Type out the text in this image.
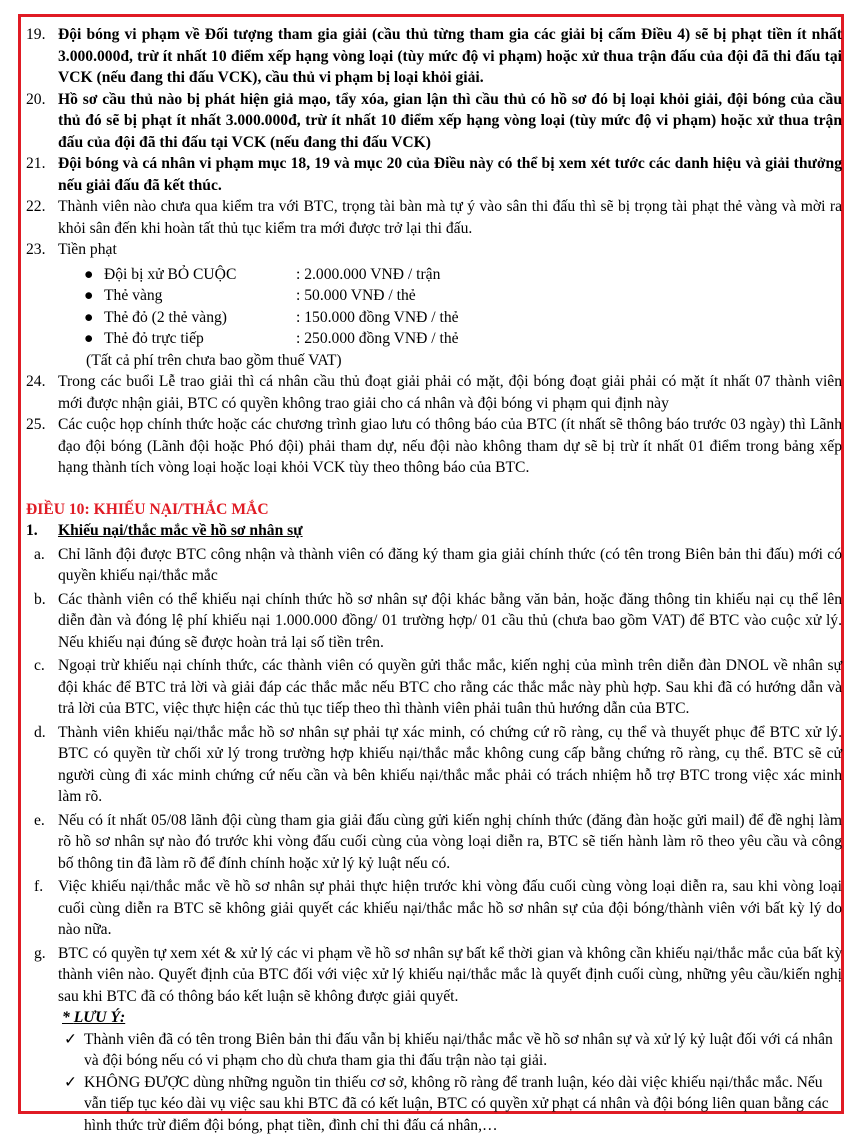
19. Đội bóng vi phạm về Đối tượng tham gia giải (cầu thủ từng tham gia các giải bị cấm Điều 4) sẽ bị phạt tiền ít nhất 3.000.000đ, trừ ít nhất 10 điểm xếp hạng vòng loại (tùy mức độ vi phạm) hoặc xử thua trận đấu của đội đã thi đấu tại VCK (nếu đang thi đấu VCK), cầu thủ vi phạm bị loại khỏi giải.
20. Hồ sơ cầu thủ nào bị phát hiện giả mạo, tẩy xóa, gian lận thì cầu thủ có hồ sơ đó bị loại khỏi giải, đội bóng của cầu thủ đó sẽ bị phạt ít nhất 3.000.000đ, trừ ít nhất 10 điểm xếp hạng vòng loại (tùy mức độ vi phạm) hoặc xử thua trận đấu của đội đã thi đấu tại VCK (nếu đang thi đấu VCK)
21. Đội bóng và cá nhân vi phạm mục 18, 19 và mục 20 của Điều này có thể bị xem xét tước các danh hiệu và giải thưởng nếu giải đấu đã kết thúc.
22. Thành viên nào chưa qua kiểm tra với BTC, trọng tài bàn mà tự ý vào sân thi đấu thì sẽ bị trọng tài phạt thẻ vàng và mời ra khỏi sân đến khi hoàn tất thủ tục kiểm tra mới được trở lại thi đấu.
23. Tiền phạt
● Đội bị xử BỎ CUỘC	: 2.000.000 VNĐ / trận
● Thẻ vàng	: 50.000 VNĐ / thẻ
● Thẻ đỏ (2 thẻ vàng)	: 150.000 đồng VNĐ / thẻ
● Thẻ đỏ trực tiếp	: 250.000 đồng VNĐ / thẻ
(Tất cả phí trên chưa bao gồm thuế VAT)
24. Trong các buổi Lễ trao giải thì cá nhân cầu thủ đoạt giải phải có mặt, đội bóng đoạt giải phải có mặt ít nhất 07 thành viên mới được nhận giải, BTC có quyền không trao giải cho cá nhân và đội bóng vi phạm qui định này
25. Các cuộc họp chính thức hoặc các chương trình giao lưu có thông báo của BTC (ít nhất sẽ thông báo trước 03 ngày) thì Lãnh đạo đội bóng (Lãnh đội hoặc Phó đội) phải tham dự, nếu đội nào không tham dự sẽ bị trừ ít nhất 01 điểm trong bảng xếp hạng thành tích vòng loại hoặc loại khỏi VCK tùy theo thông báo của BTC.
ĐIỀU 10: KHIẾU NẠI/THẮC MẮC
1.	Khiếu nại/thắc mắc về hồ sơ nhân sự
a. Chỉ lãnh đội được BTC công nhận và thành viên có đăng ký tham gia giải chính thức (có tên trong Biên bản thi đấu) mới có quyền khiếu nại/thắc mắc
b. Các thành viên có thể khiếu nại chính thức hồ sơ nhân sự đội khác bằng văn bản, hoặc đăng thông tin khiếu nại cụ thể lên diễn đàn và đóng lệ phí khiếu nại 1.000.000 đồng/ 01 trường hợp/ 01 cầu thủ (chưa bao gồm VAT) để BTC vào cuộc xử lý. Nếu khiếu nại đúng sẽ được hoàn trả lại số tiền trên.
c. Ngoại trừ khiếu nại chính thức, các thành viên có quyền gửi thắc mắc, kiến nghị của mình trên diễn đàn DNOL về nhân sự đội khác để BTC trả lời và giải đáp các thắc mắc nếu BTC cho rằng các thắc mắc này phù hợp. Sau khi đã có hướng dẫn và trả lời của BTC, việc thực hiện các thủ tục tiếp theo thì thành viên phải tuân thủ hướng dẫn của BTC.
d. Thành viên khiếu nại/thắc mắc hồ sơ nhân sự phải tự xác minh, có chứng cứ rõ ràng, cụ thể và thuyết phục để BTC xử lý. BTC có quyền từ chối xử lý trong trường hợp khiếu nại/thắc mắc không cung cấp bằng chứng rõ ràng, cụ thể. BTC sẽ cử người cùng đi xác minh chứng cứ nếu cần và bên khiếu nại/thắc mắc phải có trách nhiệm hỗ trợ BTC trong việc xác minh làm rõ.
e. Nếu có ít nhất 05/08 lãnh đội cùng tham gia giải đấu cùng gửi kiến nghị chính thức (đăng đàn hoặc gửi mail) để đề nghị làm rõ hồ sơ nhân sự nào đó trước khi vòng đấu cuối cùng của vòng loại diễn ra, BTC sẽ tiến hành làm rõ theo yêu cầu và công bố thông tin đã làm rõ để đính chính hoặc xử lý kỷ luật nếu có.
f. Việc khiếu nại/thắc mắc về hồ sơ nhân sự phải thực hiện trước khi vòng đấu cuối cùng vòng loại diễn ra, sau khi vòng loại cuối cùng diễn ra BTC sẽ không giải quyết các khiếu nại/thắc mắc hồ sơ nhân sự của đội bóng/thành viên với bất kỳ lý do nào nữa.
g. BTC có quyền tự xem xét & xử lý các vi phạm về hồ sơ nhân sự bất kể thời gian và không cần khiếu nại/thắc mắc của bất kỳ thành viên nào. Quyết định của BTC đối với việc xử lý khiếu nại/thắc mắc là quyết định cuối cùng, những yêu cầu/kiến nghị sau khi BTC đã có thông báo kết luận sẽ không được giải quyết.
* LƯU Ý:
✓ Thành viên đã có tên trong Biên bản thi đấu vẫn bị khiếu nại/thắc mắc về hồ sơ nhân sự và xử lý kỷ luật đối với cá nhân và đội bóng nếu có vi phạm cho dù chưa tham gia thi đấu trận nào tại giải.
✓ KHÔNG ĐƯỢC dùng những nguồn tin thiếu cơ sở, không rõ ràng để tranh luận, kéo dài việc khiếu nại/thắc mắc. Nếu vẫn tiếp tục kéo dài vụ việc sau khi BTC đã có kết luận, BTC có quyền xử phạt cá nhân và đội bóng liên quan bằng các hình thức trừ điểm đội bóng, phạt tiền, đình chỉ thi đấu cá nhân,…
